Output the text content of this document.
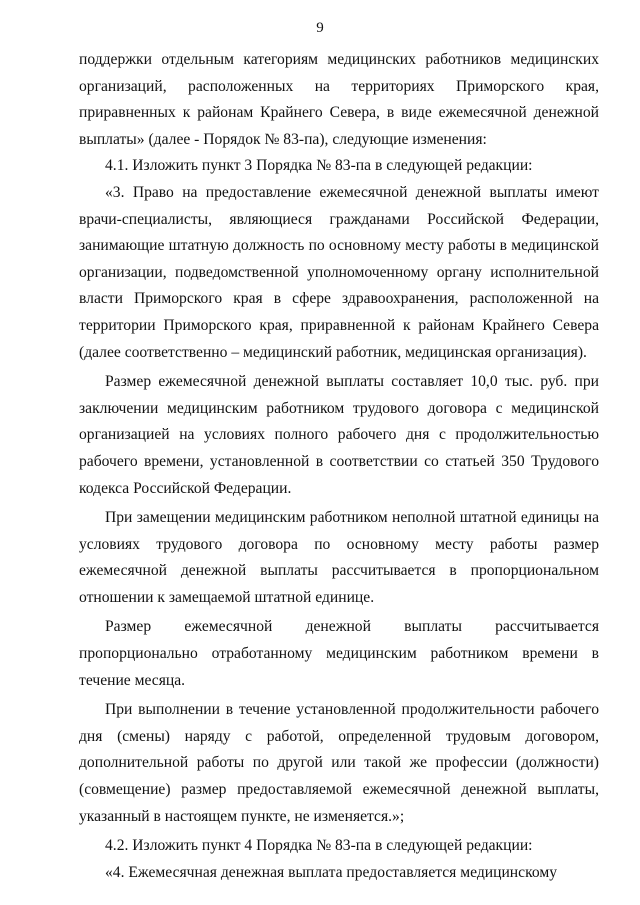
9

поддержки отдельным категориям медицинских работников медицинских организаций, расположенных на территориях Приморского края, приравненных к районам Крайнего Севера, в виде ежемесячной денежной выплаты» (далее - Порядок № 83-па), следующие изменения:

4.1. Изложить пункт 3 Порядка № 83-па в следующей редакции:

«3. Право на предоставление ежемесячной денежной выплаты имеют врачи-специалисты, являющиеся гражданами Российской Федерации, занимающие штатную должность по основному месту работы в медицинской организации, подведомственной уполномоченному органу исполнительной власти Приморского края в сфере здравоохранения, расположенной на территории Приморского края, приравненной к районам Крайнего Севера (далее соответственно – медицинский работник, медицинская организация).

Размер ежемесячной денежной выплаты составляет 10,0 тыс. руб. при заключении медицинским работником трудового договора с медицинской организацией на условиях полного рабочего дня с продолжительностью рабочего времени, установленной в соответствии со статьей 350 Трудового кодекса Российской Федерации.

При замещении медицинским работником неполной штатной единицы на условиях трудового договора по основному месту работы размер ежемесячной денежной выплаты рассчитывается в пропорциональном отношении к замещаемой штатной единице.

Размер ежемесячной денежной выплаты рассчитывается пропорционально отработанному медицинским работником времени в течение месяца.

При выполнении в течение установленной продолжительности рабочего дня (смены) наряду с работой, определенной трудовым договором, дополнительной работы по другой или такой же профессии (должности) (совмещение) размер предоставляемой ежемесячной денежной выплаты, указанный в настоящем пункте, не изменяется.»;

4.2. Изложить пункт 4 Порядка № 83-па в следующей редакции:

«4. Ежемесячная денежная выплата предоставляется медицинскому
